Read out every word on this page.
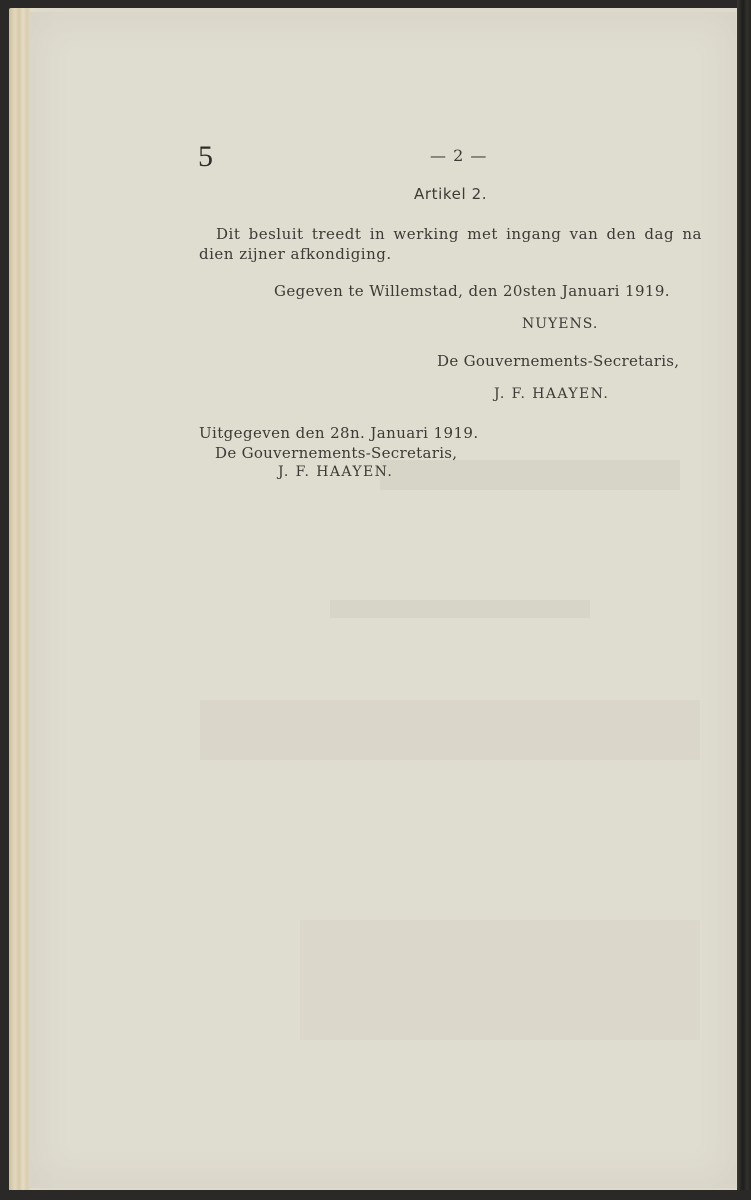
5	— 2 —
Artikel 2.
Dit besluit treedt in werking met ingang van den dag na
dien zijner afkondiging.
Gegeven te Willemstad, den 20sten Januari 1919.
NUYENS.
De Gouvernements-Secretaris,
J. F. HAAYEN.
Uitgegeven den 28n. Januari 1919.
De Gouvernements-Secretaris,
J. F. HAAYEN.
